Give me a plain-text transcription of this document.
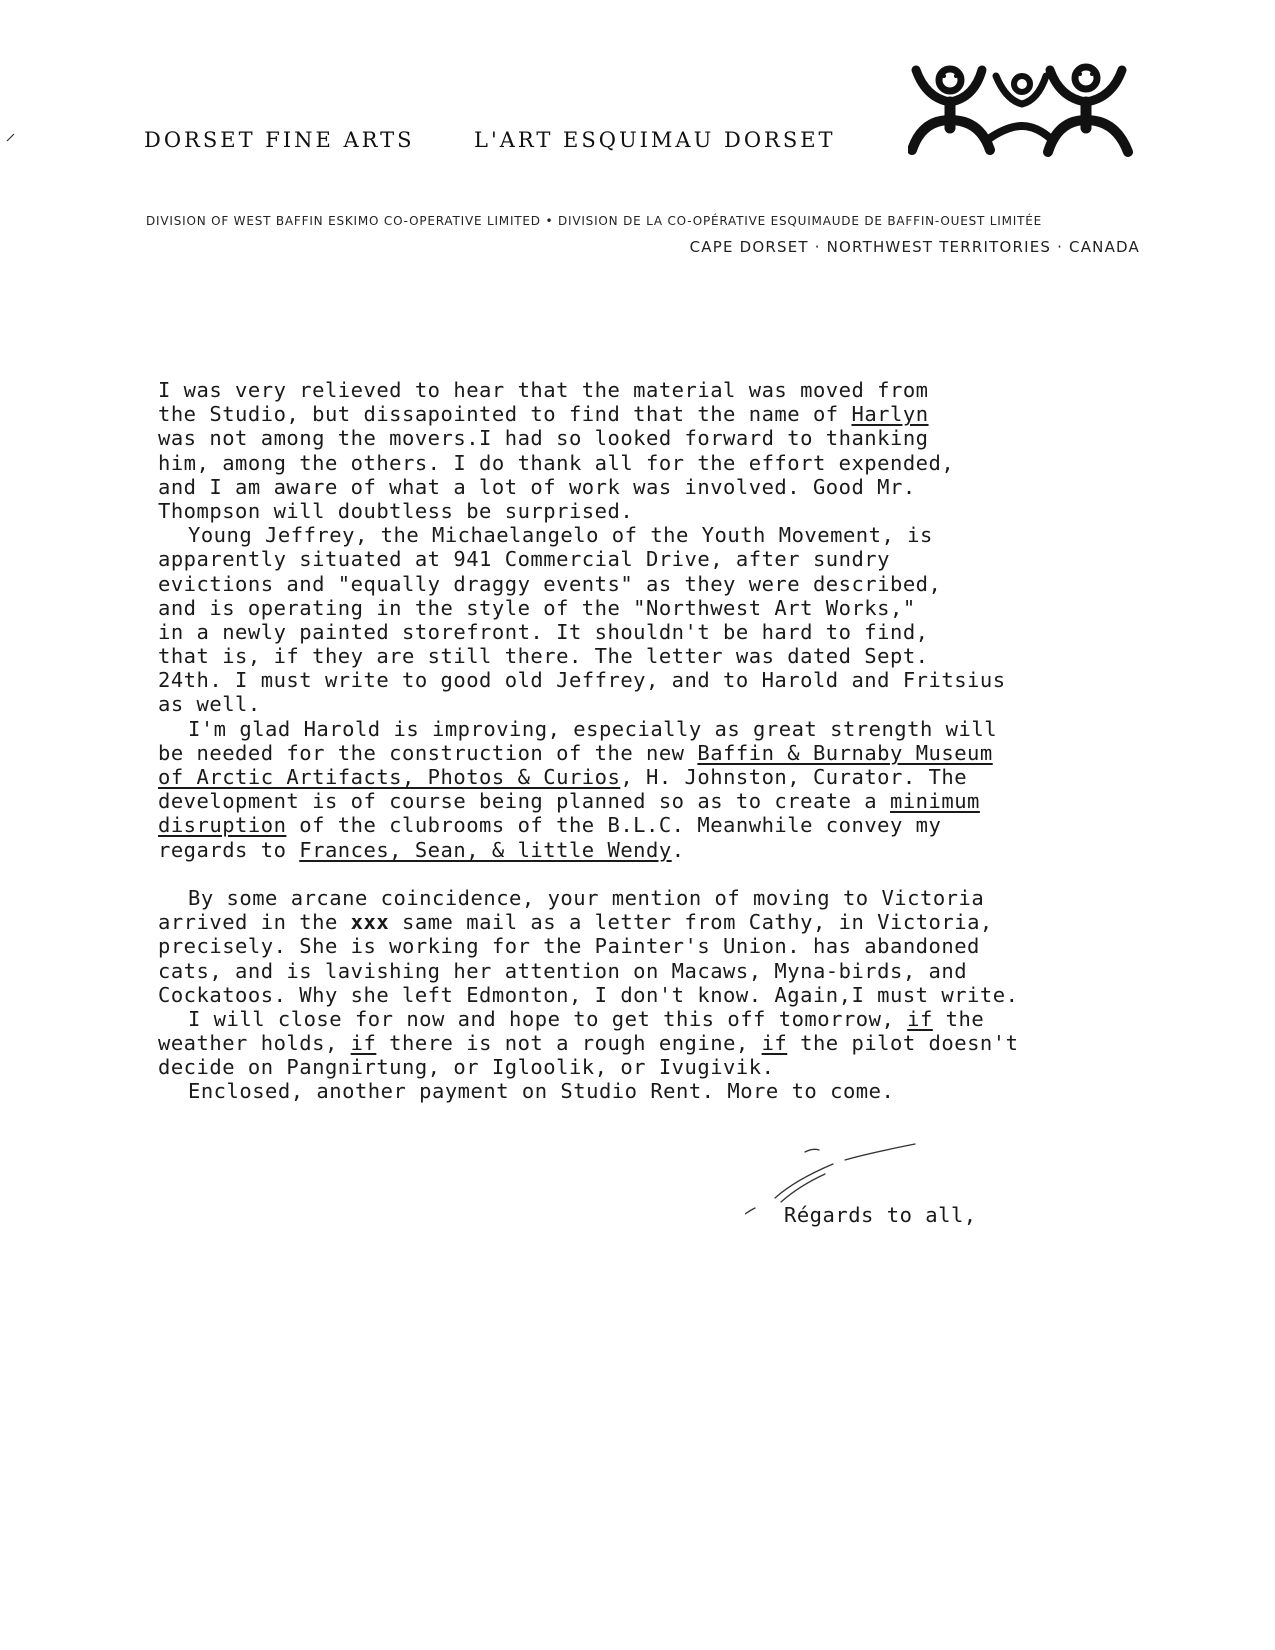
DORSET FINE ARTS	L'ART ESQUIMAU DORSET
DIVISION OF WEST BAFFIN ESKIMO CO-OPERATIVE LIMITED • DIVISION DE LA CO-OPÉRATIVE ESQUIMAUDE DE BAFFIN-OUEST LIMITÉE
CAPE DORSET · NORTHWEST TERRITORIES · CANADA
I was very relieved to hear that the material was moved from
the Studio, but dissapointed to find that the name of Harlyn
was not among the movers.I had so looked forward to thanking
him, among the others. I do thank all for the effort expended,
and I am aware of what a lot of work was involved. Good Mr.
Thompson will doubtless be surprised.
Young Jeffrey, the Michaelangelo of the Youth Movement, is
apparently situated at 941 Commercial Drive, after sundry
evictions and "equally draggy events" as they were described,
and is operating in the style of the "Northwest Art Works,"
in a newly painted storefront. It shouldn't be hard to find,
that is, if they are still there. The letter was dated Sept.
24th. I must write to good old Jeffrey, and to Harold and Fritsius
as well.
I'm glad Harold is improving, especially as great strength will
be needed for the construction of the new Baffin & Burnaby Museum
of Arctic Artifacts, Photos & Curios, H. Johnston, Curator. The
development is of course being planned so as to create a minimum
disruption of the clubrooms of the B.L.C. Meanwhile convey my
regards to Frances, Sean, & little Wendy.
By some arcane coincidence, your mention of moving to Victoria
arrived in the xxx same mail as a letter from Cathy, in Victoria,
precisely. She is working for the Painter's Union. has abandoned
cats, and is lavishing her attention on Macaws, Myna-birds, and
Cockatoos. Why she left Edmonton, I don't know. Again,I must write.
I will close for now and hope to get this off tomorrow, if the
weather holds, if there is not a rough engine, if the pilot doesn't
decide on Pangnirtung, or Igloolik, or Ivugivik.
Enclosed, another payment on Studio Rent. More to come.
Régards to all,
